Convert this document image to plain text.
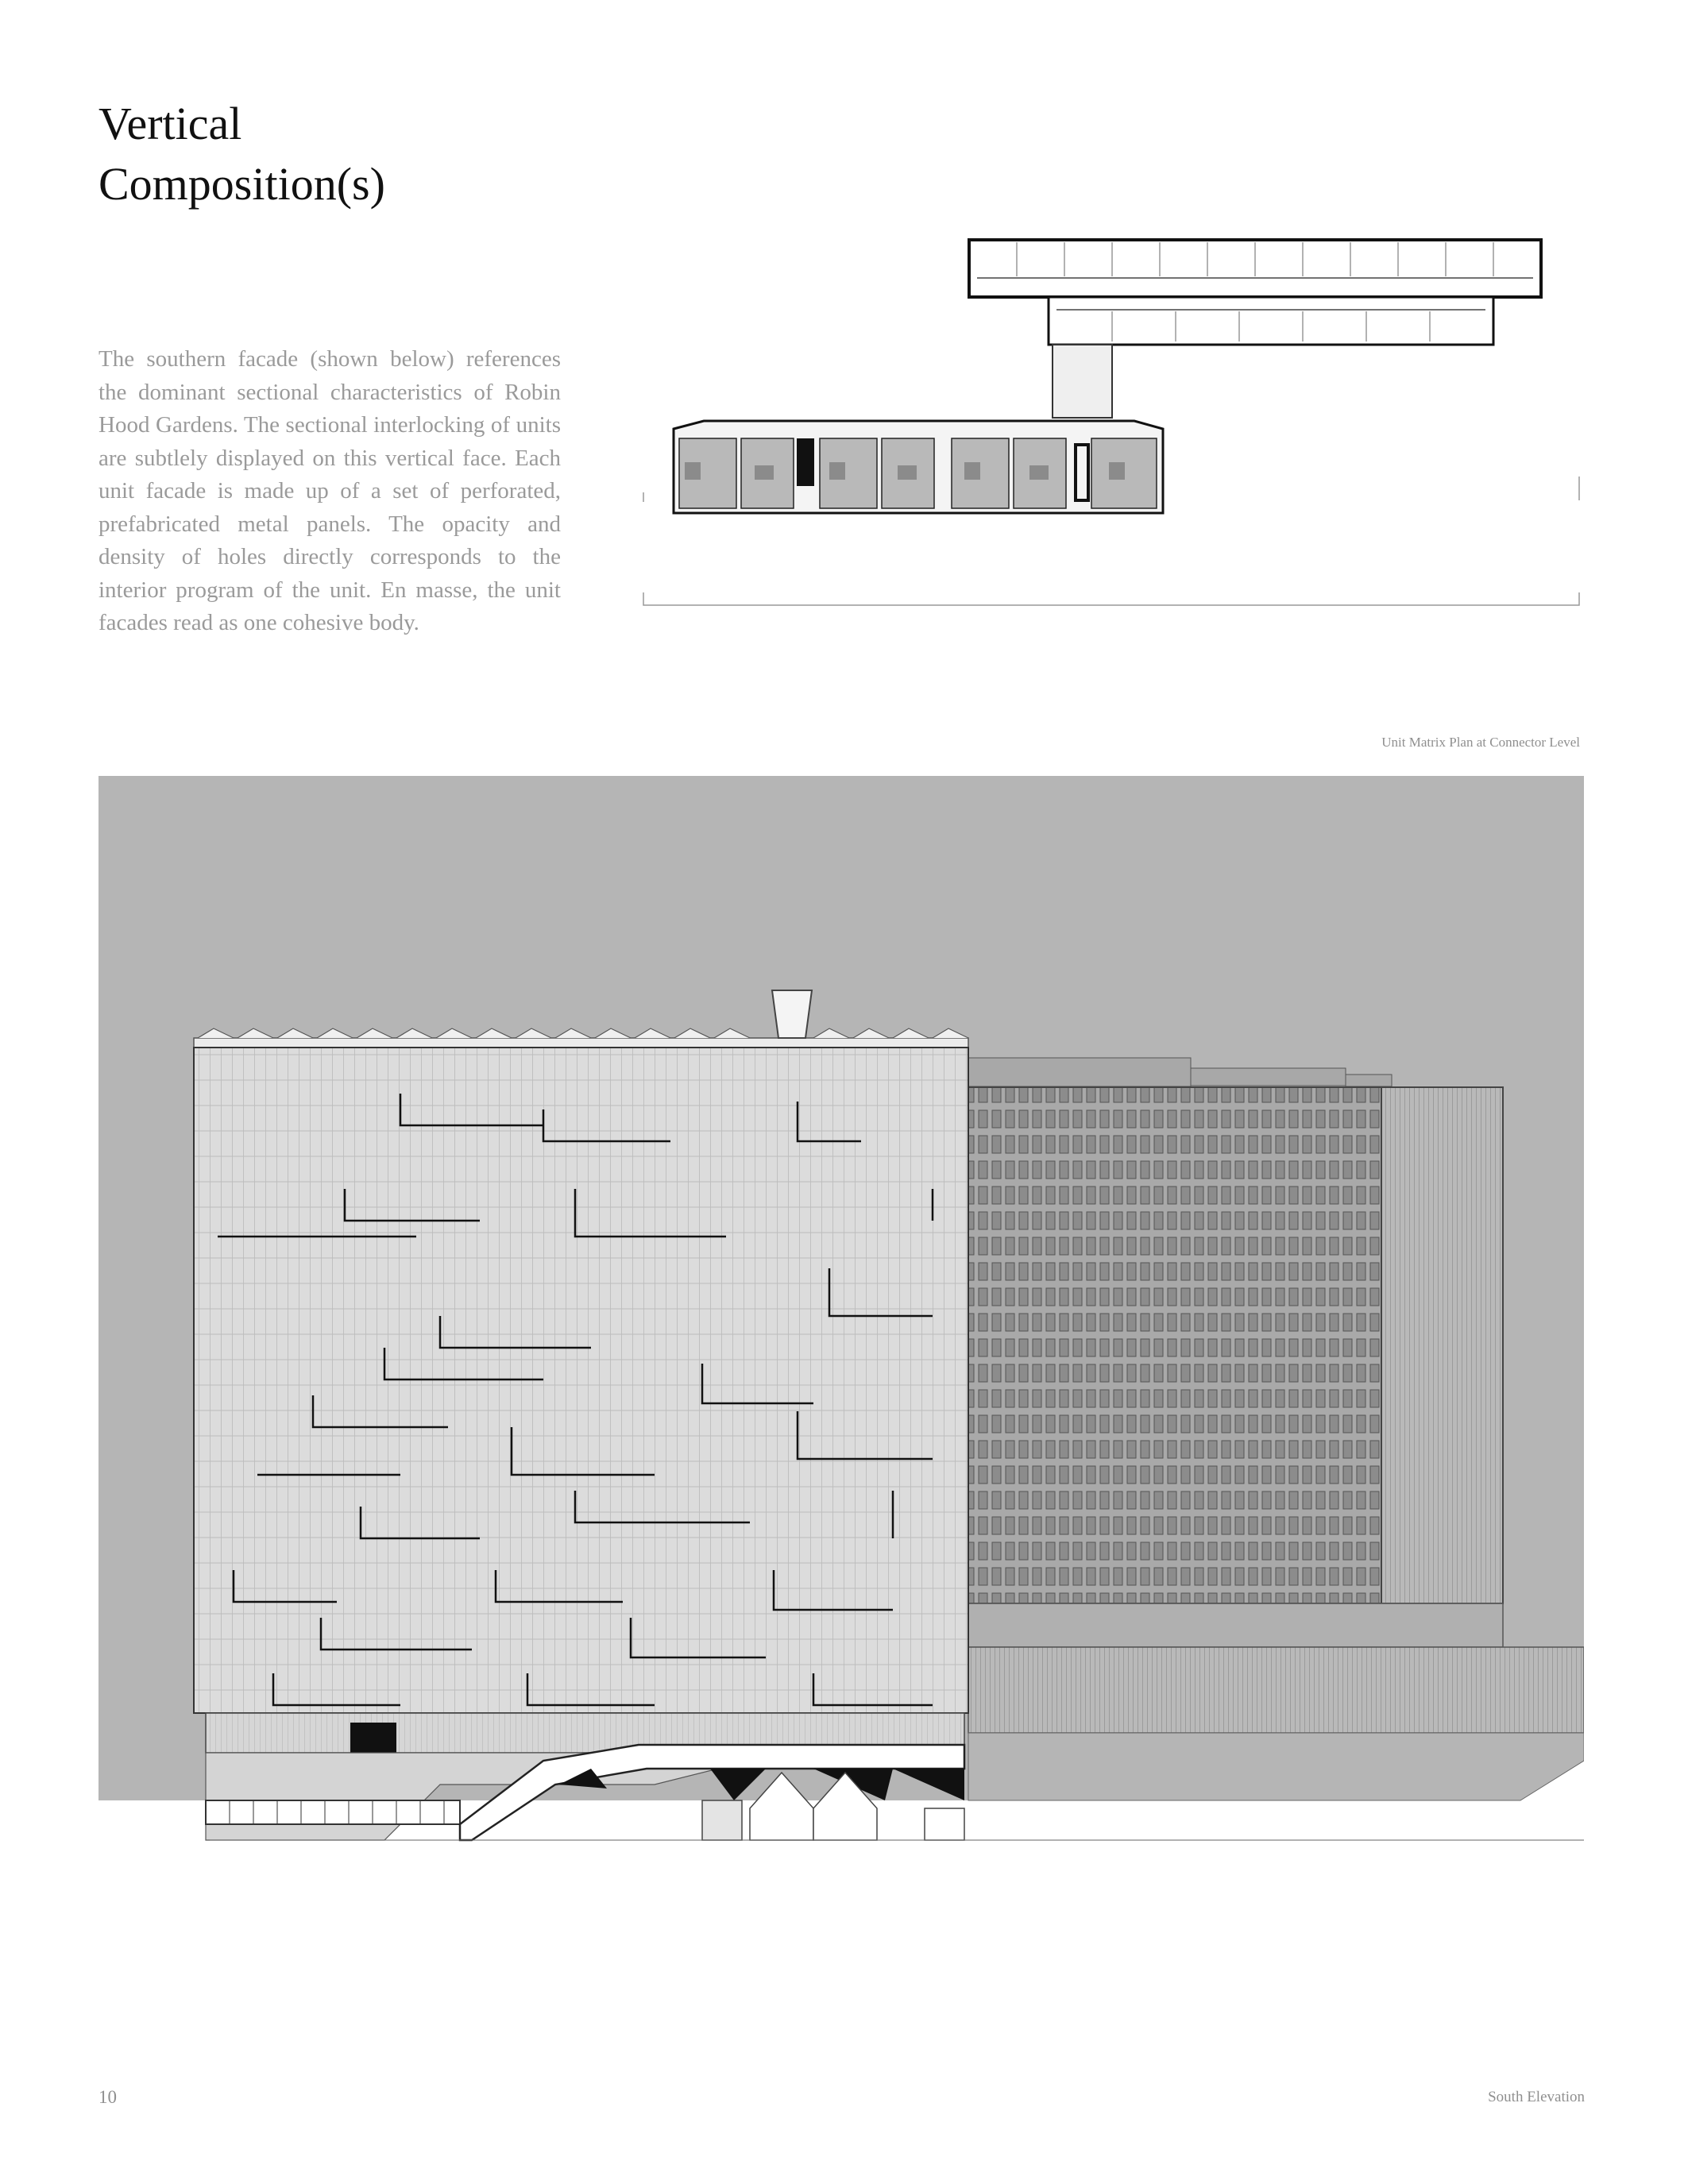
Vertical
Composition(s)
The southern facade (shown below) references the dominant sectional characteristics of Robin Hood Gardens. The sectional interlocking of units are subtlely displayed on this vertical face. Each unit facade is made up of a set of perforated, prefabricated metal panels. The opacity and density of holes directly corresponds to the interior program of the unit. En masse, the unit facades read as one cohesive body.
Unit Matrix Plan at Connector Level
10	South Elevation
